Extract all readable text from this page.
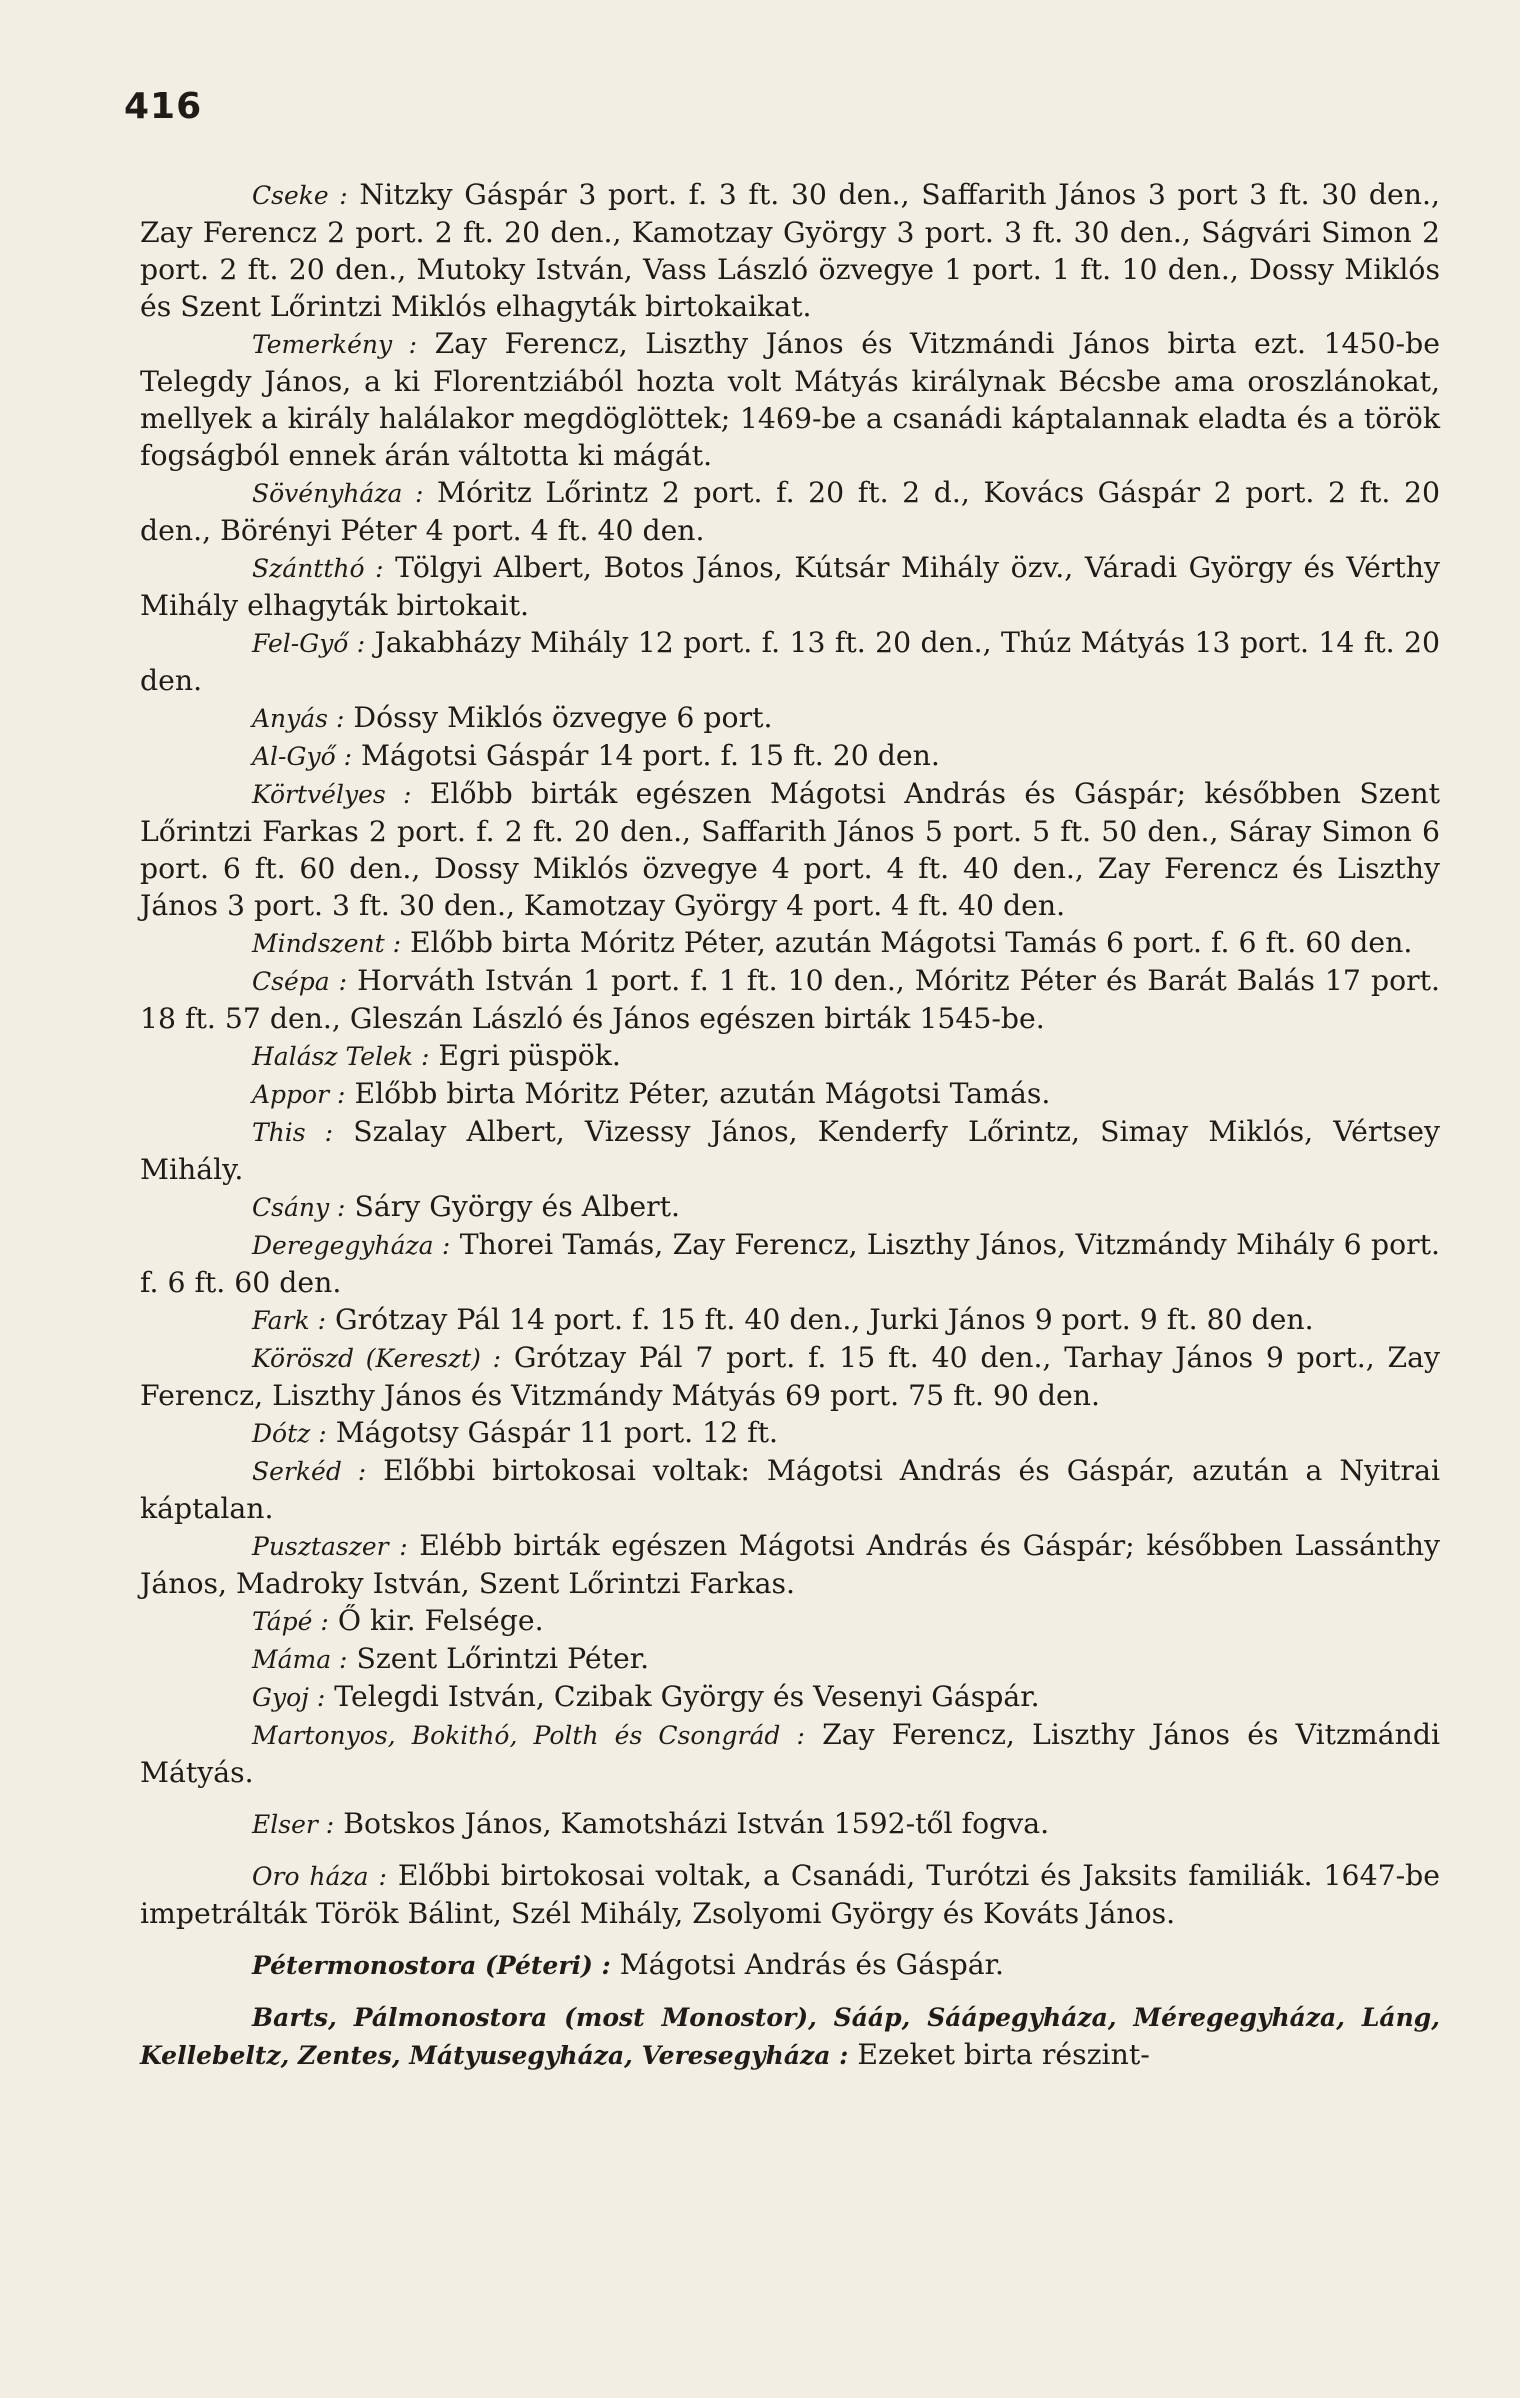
416

Cseke : Nitzky Gáspár 3 port. f. 3 ft. 30 den., Saffarith János 3 port 3 ft. 30 den., Zay Ferencz 2 port. 2 ft. 20 den., Kamotzay György 3 port. 3 ft. 30 den., Ságvári Simon 2 port. 2 ft. 20 den., Mutoky István, Vass László özvegye 1 port. 1 ft. 10 den., Dossy Miklós és Szent Lőrintzi Miklós elhagyták birtokaikat.

Temerkény : Zay Ferencz, Liszthy János és Vitzmándi János birta ezt. 1450-be Telegdy János, a ki Florentziából hozta volt Mátyás királynak Bécsbe ama oroszlánokat, mellyek a király halálakor megdöglöttek; 1469-be a csanádi káptalannak eladta és a török fogságból ennek árán váltotta ki mágát.

Sövényháza : Móritz Lőrintz 2 port. f. 20 ft. 2 d., Kovács Gáspár 2 port. 2 ft. 20 den., Börényi Péter 4 port. 4 ft. 40 den.

Szántthó : Tölgyi Albert, Botos János, Kútsár Mihály özv., Váradi György és Vérthy Mihály elhagyták birtokait.

Fel-Győ : Jakabházy Mihály 12 port. f. 13 ft. 20 den., Thúz Mátyás 13 port. 14 ft. 20 den.

Anyás : Dóssy Miklós özvegye 6 port.

Al-Győ : Mágotsi Gáspár 14 port. f. 15 ft. 20 den.

Körtvélyes : Előbb birták egészen Mágotsi András és Gáspár; későbben Szent Lőrintzi Farkas 2 port. f. 2 ft. 20 den., Saffarith János 5 port. 5 ft. 50 den., Sáray Simon 6 port. 6 ft. 60 den., Dossy Miklós özvegye 4 port. 4 ft. 40 den., Zay Ferencz és Liszthy János 3 port. 3 ft. 30 den., Kamotzay György 4 port. 4 ft. 40 den.

Mindszent : Előbb birta Móritz Péter, azután Mágotsi Tamás 6 port. f. 6 ft. 60 den.

Csépa : Horváth István 1 port. f. 1 ft. 10 den., Móritz Péter és Barát Balás 17 port. 18 ft. 57 den., Gleszán László és János egészen birták 1545-be.

Halász Telek : Egri püspök.

Appor : Előbb birta Móritz Péter, azután Mágotsi Tamás.

This : Szalay Albert, Vizessy János, Kenderfy Lőrintz, Simay Miklós, Vértsey Mihály.

Csány : Sáry György és Albert.

Deregegyháza : Thorei Tamás, Zay Ferencz, Liszthy János, Vitzmándy Mihály 6 port. f. 6 ft. 60 den.

Fark : Grótzay Pál 14 port. f. 15 ft. 40 den., Jurki János 9 port. 9 ft. 80 den.

Köröszd (Kereszt) : Grótzay Pál 7 port. f. 15 ft. 40 den., Tarhay János 9 port., Zay Ferencz, Liszthy János és Vitzmándy Mátyás 69 port. 75 ft. 90 den.

Dótz : Mágotsy Gáspár 11 port. 12 ft.

Serkéd : Előbbi birtokosai voltak: Mágotsi András és Gáspár, azután a Nyitrai káptalan.

Pusztaszer : Elébb birták egészen Mágotsi András és Gáspár; későbben Lassánthy János, Madroky István, Szent Lőrintzi Farkas.

Tápé : Ő kir. Felsége.

Máma : Szent Lőrintzi Péter.

Gyoj : Telegdi István, Czibak György és Vesenyi Gáspár.

Martonyos, Bokithó, Polth és Csongrád : Zay Ferencz, Liszthy János és Vitzmándi Mátyás.

Elser : Botskos János, Kamotsházi István 1592-től fogva.

Oro háza : Előbbi birtokosai voltak, a Csanádi, Turótzi és Jaksits familiák. 1647-be impetrálták Török Bálint, Szél Mihály, Zsolyomi György és Kováts János.

Pétermonostora (Péteri) : Mágotsi András és Gáspár.

Barts, Pálmonostora (most Monostor), Sááp, Sáápegyháza, Méregegyháza, Láng, Kellebeltz, Zentes, Mátyusegyháza, Veresegyháza : Ezeket birta részint-
